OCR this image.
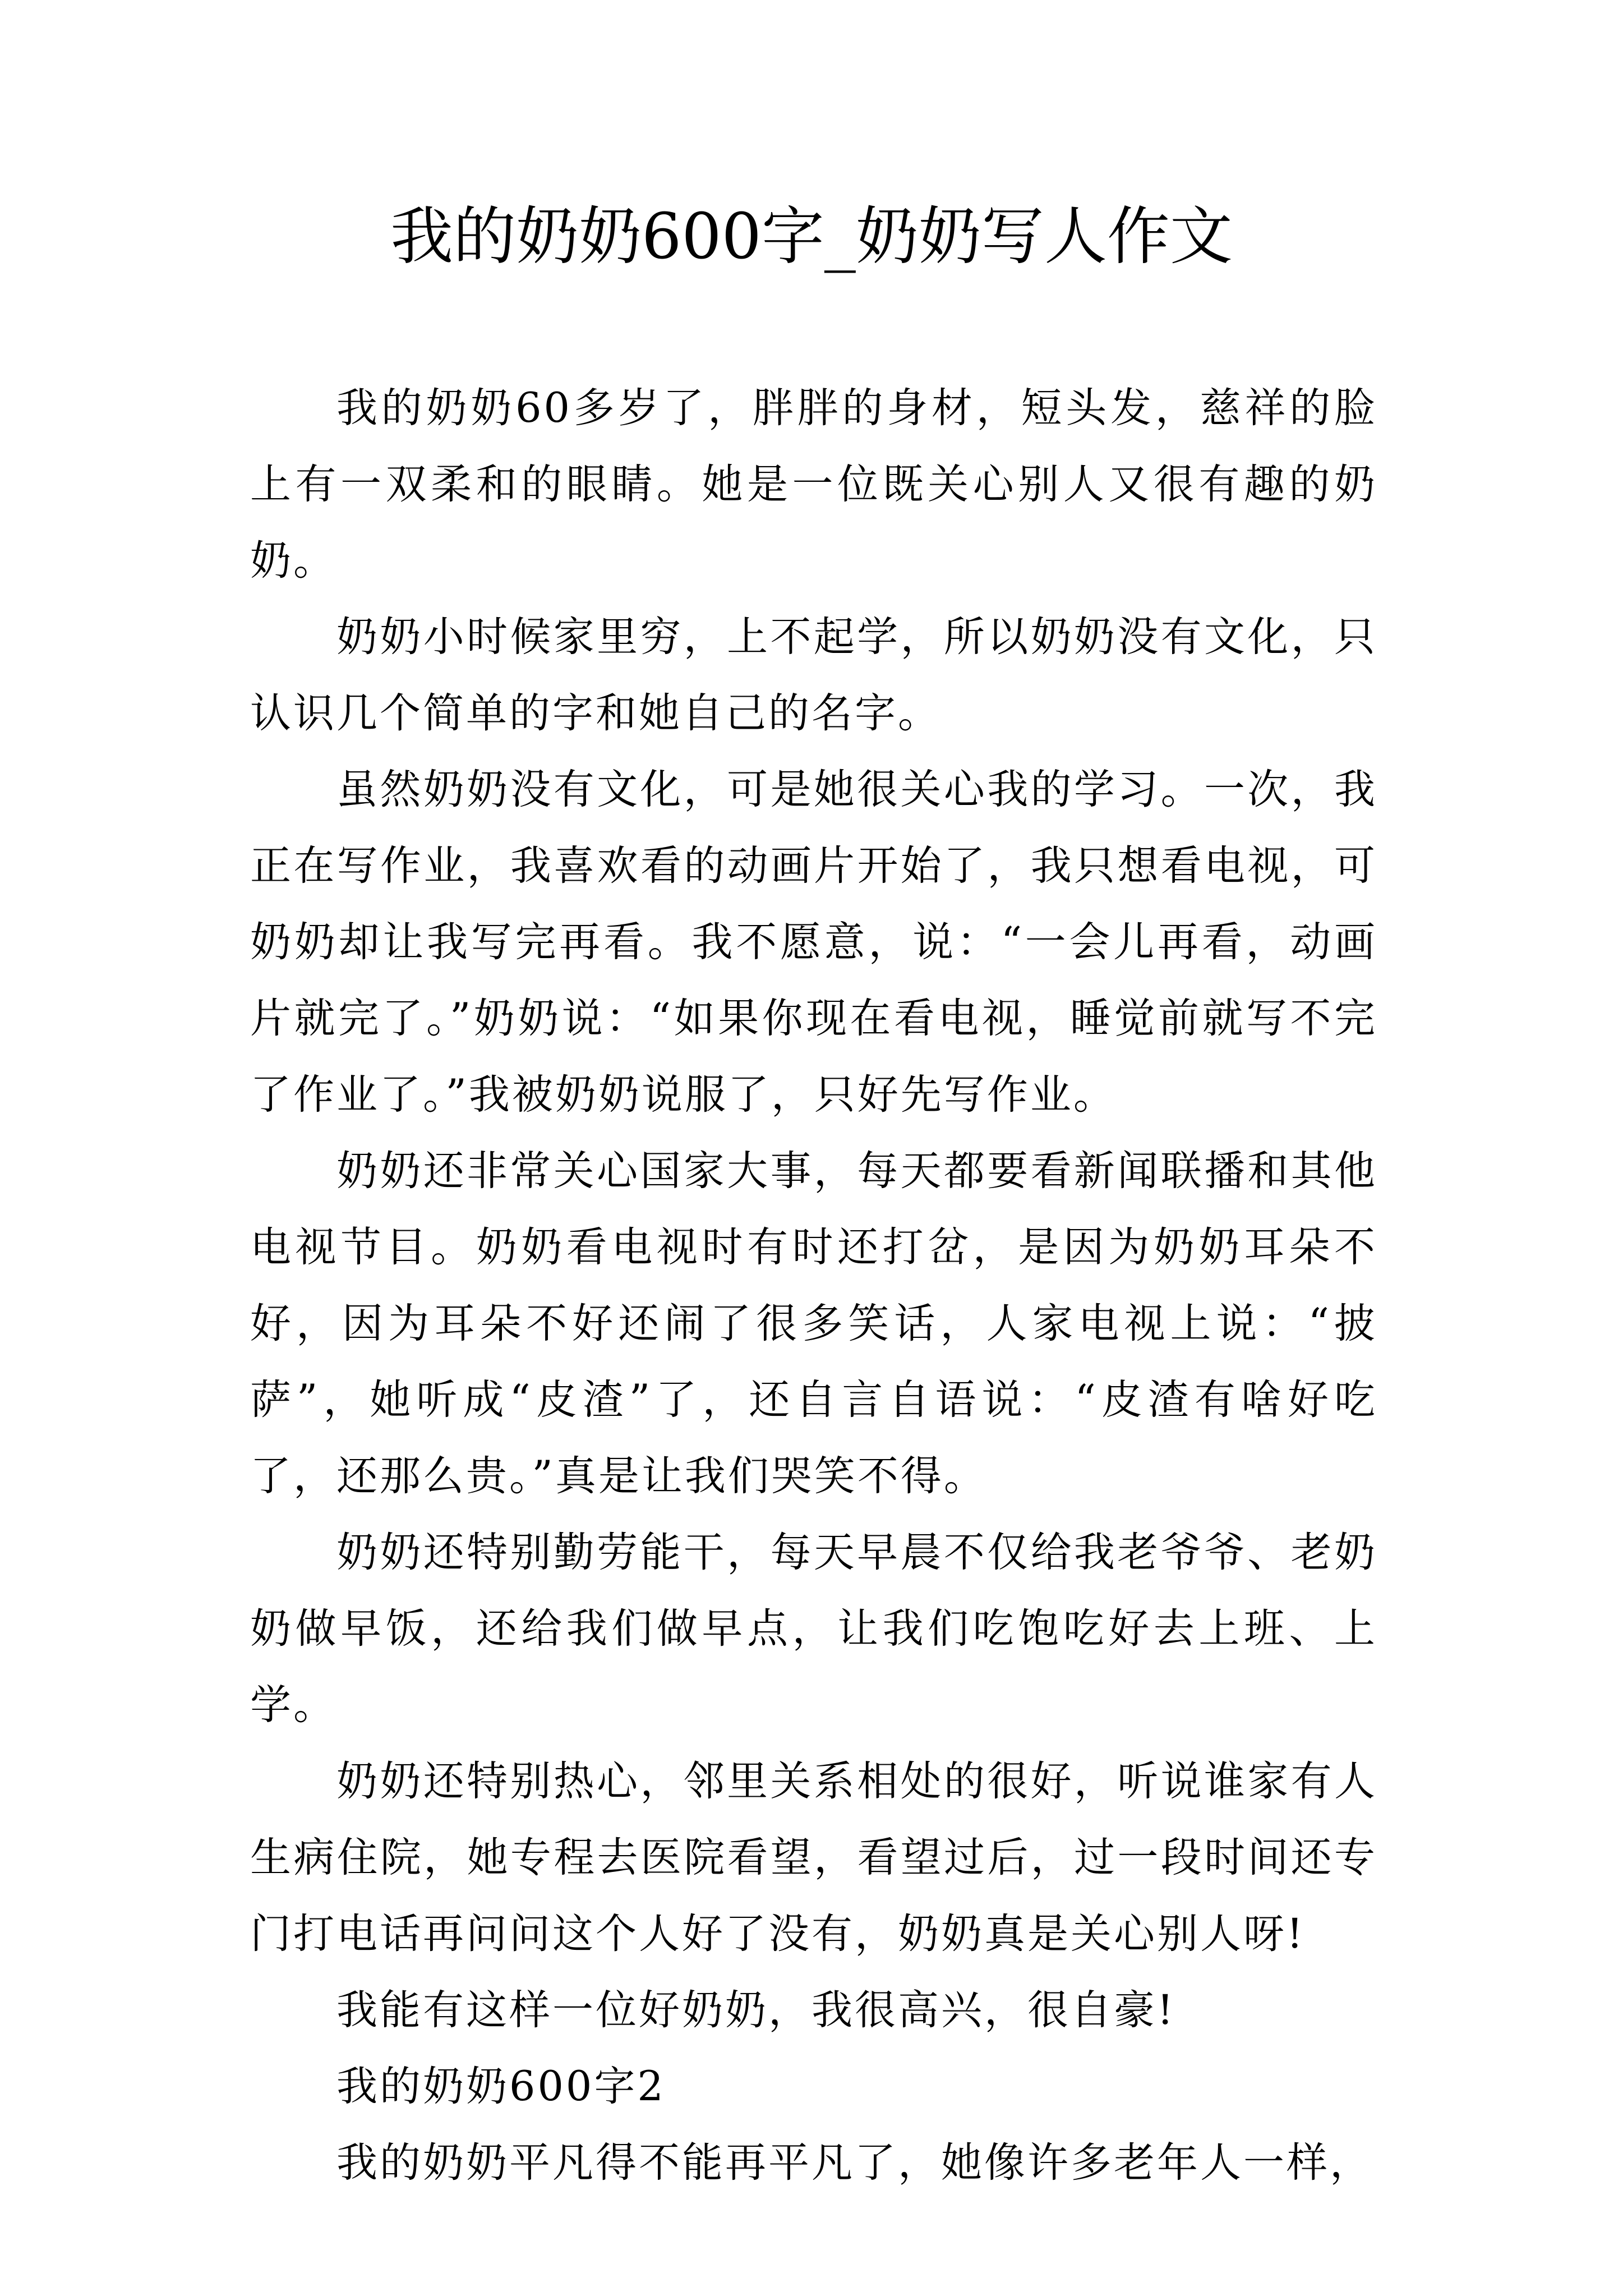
我的奶奶600字_奶奶写人作文

我的奶奶60多岁了，胖胖的身材，短头发，慈祥的脸上有一双柔和的眼睛。她是一位既关心别人又很有趣的奶奶。

奶奶小时候家里穷，上不起学，所以奶奶没有文化，只认识几个简单的字和她自己的名字。

虽然奶奶没有文化，可是她很关心我的学习。一次，我正在写作业，我喜欢看的动画片开始了，我只想看电视，可奶奶却让我写完再看。我不愿意，说：“一会儿再看，动画片就完了。”奶奶说：“如果你现在看电视，睡觉前就写不完了作业了。”我被奶奶说服了，只好先写作业。

奶奶还非常关心国家大事，每天都要看新闻联播和其他电视节目。奶奶看电视时有时还打岔，是因为奶奶耳朵不好，因为耳朵不好还闹了很多笑话，人家电视上说：“披萨”，她听成“皮渣”了，还自言自语说：“皮渣有啥好吃了，还那么贵。”真是让我们哭笑不得。

奶奶还特别勤劳能干，每天早晨不仅给我老爷爷、老奶奶做早饭，还给我们做早点，让我们吃饱吃好去上班、上学。

奶奶还特别热心，邻里关系相处的很好，听说谁家有人生病住院，她专程去医院看望，看望过后，过一段时间还专门打电话再问问这个人好了没有，奶奶真是关心别人呀!

我能有这样一位好奶奶，我很高兴，很自豪!

我的奶奶600字2

我的奶奶平凡得不能再平凡了，她像许多老年人一样，
